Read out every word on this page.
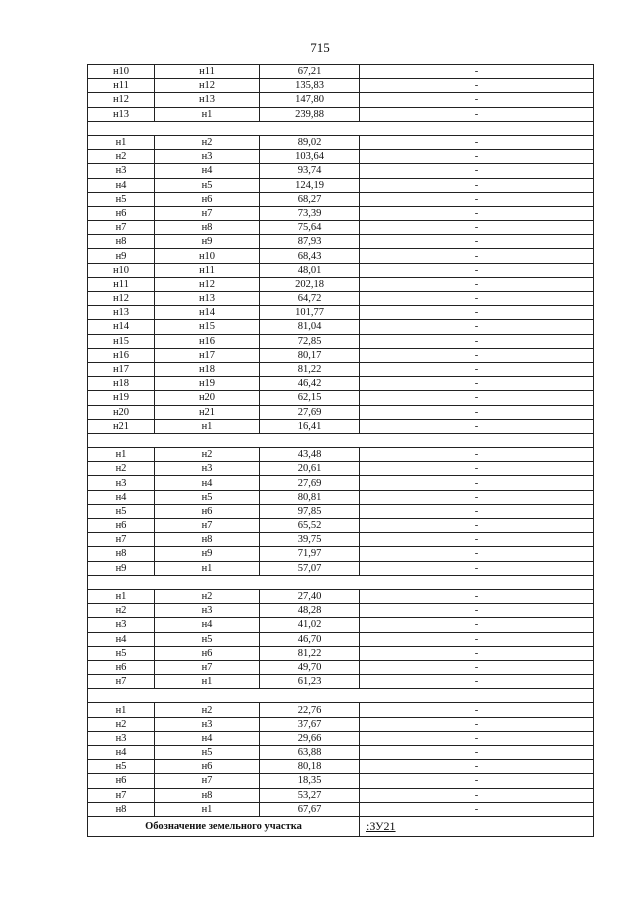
715
н10	н11	67,21	-
н11	н12	135,83	-
н12	н13	147,80	-
н13	н1	239,88	-

н1	н2	89,02	-
н2	н3	103,64	-
н3	н4	93,74	-
н4	н5	124,19	-
н5	н6	68,27	-
н6	н7	73,39	-
н7	н8	75,64	-
н8	н9	87,93	-
н9	н10	68,43	-
н10	н11	48,01	-
н11	н12	202,18	-
н12	н13	64,72	-
н13	н14	101,77	-
н14	н15	81,04	-
н15	н16	72,85	-
н16	н17	80,17	-
н17	н18	81,22	-
н18	н19	46,42	-
н19	н20	62,15	-
н20	н21	27,69	-
н21	н1	16,41	-

н1	н2	43,48	-
н2	н3	20,61	-
н3	н4	27,69	-
н4	н5	80,81	-
н5	н6	97,85	-
н6	н7	65,52	-
н7	н8	39,75	-
н8	н9	71,97	-
н9	н1	57,07	-

н1	н2	27,40	-
н2	н3	48,28	-
н3	н4	41,02	-
н4	н5	46,70	-
н5	н6	81,22	-
н6	н7	49,70	-
н7	н1	61,23	-

н1	н2	22,76	-
н2	н3	37,67	-
н3	н4	29,66	-
н4	н5	63,88	-
н5	н6	80,18	-
н6	н7	18,35	-
н7	н8	53,27	-
н8	н1	67,67	-
Обозначение земельного участка			:ЗУ21
